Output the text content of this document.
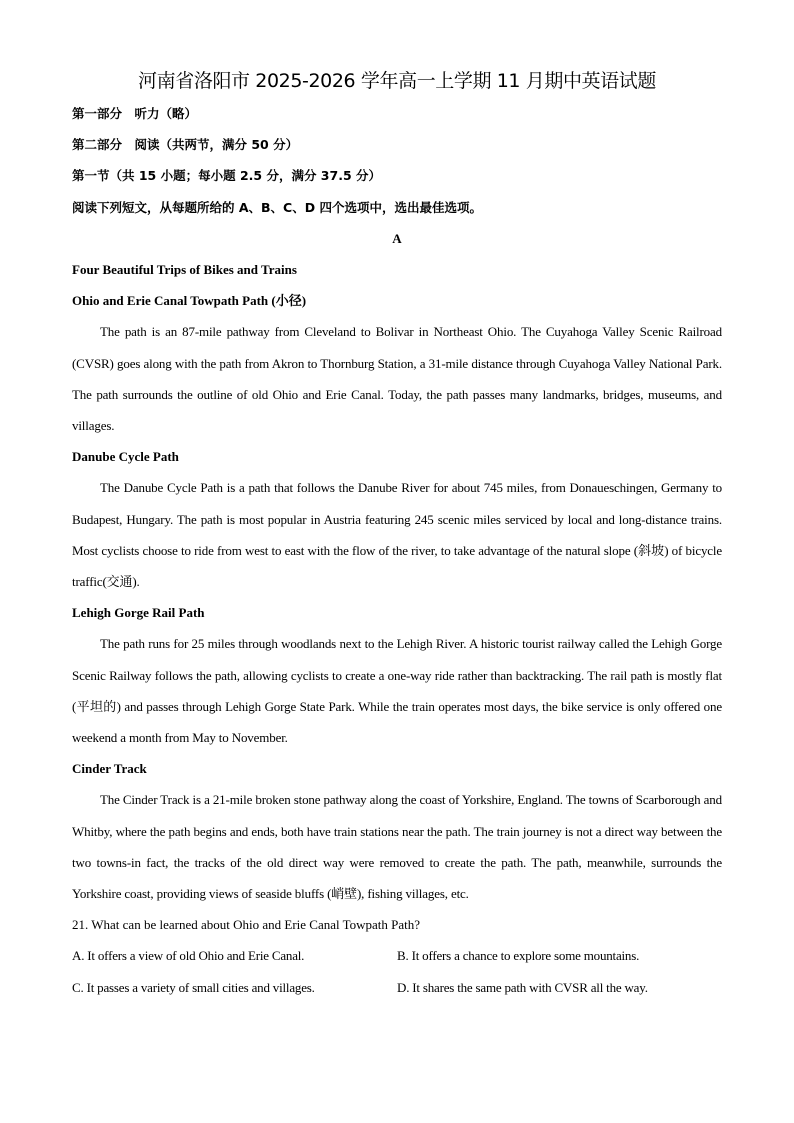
河南省洛阳市 2025-2026 学年高一上学期 11 月期中英语试题

第一部分　听力（略）

第二部分　阅读（共两节，满分 50 分）

第一节（共 15 小题；每小题 2.5 分，满分 37.5 分）

阅读下列短文，从每题所给的 A、B、C、D 四个选项中，选出最佳选项。

A

Four Beautiful Trips of Bikes and Trains

Ohio and Erie Canal Towpath Path (小径)

The path is an 87-mile pathway from Cleveland to Bolivar in Northeast Ohio. The Cuyahoga Valley Scenic Railroad (CVSR) goes along with the path from Akron to Thornburg Station, a 31-mile distance through Cuyahoga Valley National Park. The path surrounds the outline of old Ohio and Erie Canal. Today, the path passes many landmarks, bridges, museums, and villages.

Danube Cycle Path

The Danube Cycle Path is a path that follows the Danube River for about 745 miles, from Donaueschingen, Germany to Budapest, Hungary. The path is most popular in Austria featuring 245 scenic miles serviced by local and long-distance trains. Most cyclists choose to ride from west to east with the flow of the river, to take advantage of the natural slope (斜坡) of bicycle traffic(交通).

Lehigh Gorge Rail Path

The path runs for 25 miles through woodlands next to the Lehigh River. A historic tourist railway called the Lehigh Gorge Scenic Railway follows the path, allowing cyclists to create a one-way ride rather than backtracking. The rail path is mostly flat (平坦的) and passes through Lehigh Gorge State Park. While the train operates most days, the bike service is only offered one weekend a month from May to November.

Cinder Track

The Cinder Track is a 21-mile broken stone pathway along the coast of Yorkshire, England. The towns of Scarborough and Whitby, where the path begins and ends, both have train stations near the path. The train journey is not a direct way between the two towns-in fact, the tracks of the old direct way were removed to create the path. The path, meanwhile, surrounds the Yorkshire coast, providing views of seaside bluffs (峭壁), fishing villages, etc.

21. What can be learned about Ohio and Erie Canal Towpath Path?

A. It offers a view of old Ohio and Erie Canal.	B. It offers a chance to explore some mountains.
C. It passes a variety of small cities and villages.	D. It shares the same path with CVSR all the way.
